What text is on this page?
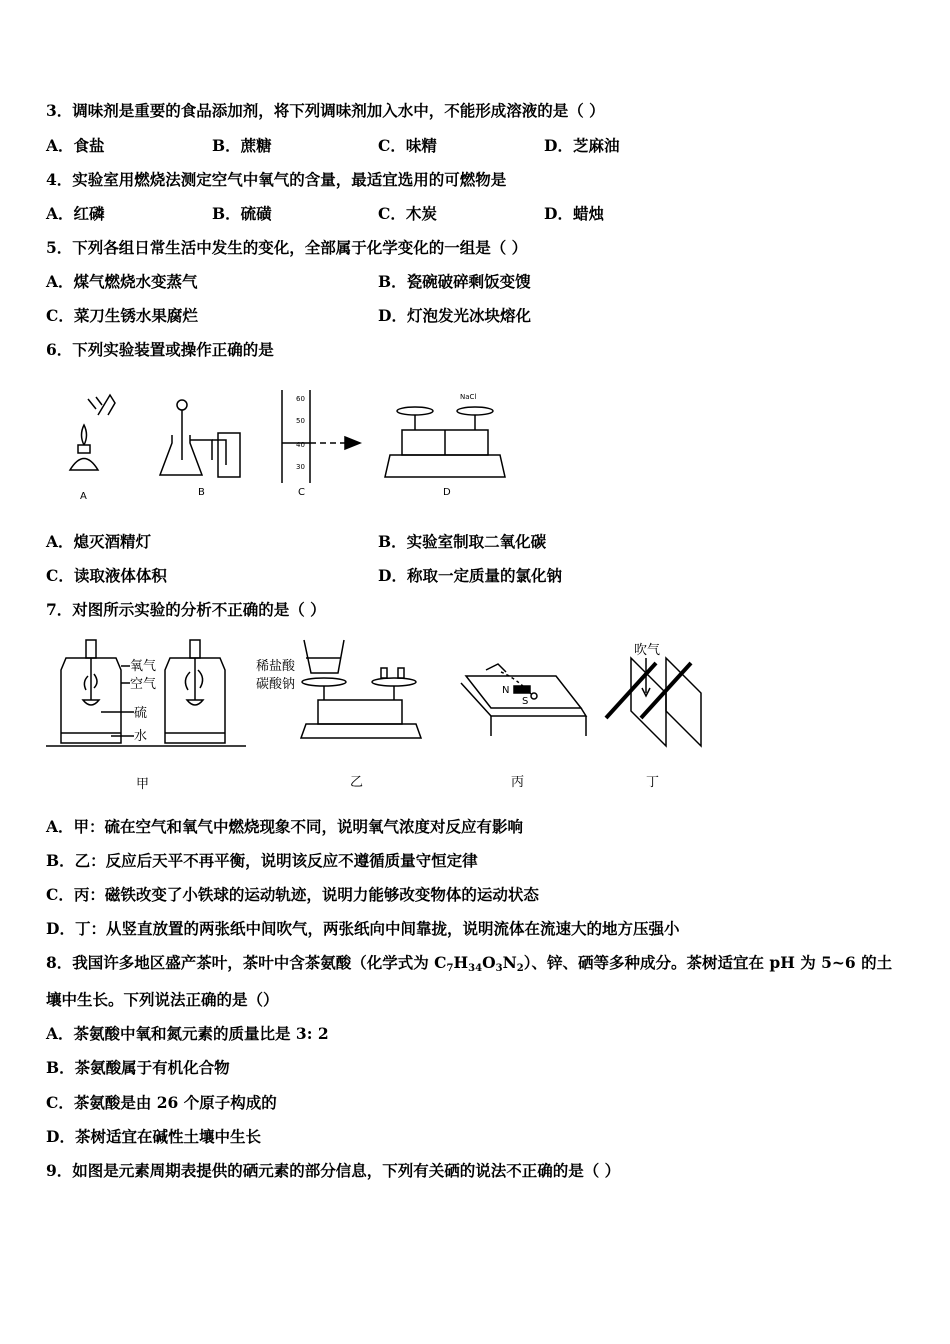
3．调味剂是重要的食品添加剂，将下列调味剂加入水中，不能形成溶液的是（ ）
A．食盐	B．蔗糖	C．味精	D．芝麻油
4．实验室用燃烧法测定空气中氧气的含量，最适宜选用的可燃物是
A．红磷	B．硫磺	C．木炭	D．蜡烛
5．下列各组日常生活中发生的变化，全部属于化学变化的一组是（ ）
A．煤气燃烧水变蒸气	B．瓷碗破碎剩饭变馊
C．菜刀生锈水果腐烂	D．灯泡发光冰块熔化
6．下列实验装置或操作正确的是
A	B
60
50
40
30
C
NaCl
D
A．熄灭酒精灯	B．实验室制取二氧化碳
C．读取液体体积	D．称取一定质量的氯化钠
7．对图所示实验的分析不正确的是（ ）
氧气
空气
硫
水
甲
稀盐酸
碳酸钠
乙
N
S
丙
吹气
丁
A．甲：硫在空气和氧气中燃烧现象不同，说明氧气浓度对反应有影响
B．乙：反应后天平不再平衡，说明该反应不遵循质量守恒定律
C．丙：磁铁改变了小铁球的运动轨迹，说明力能够改变物体的运动状态
D．丁：从竖直放置的两张纸中间吹气，两张纸向中间靠拢，说明流体在流速大的地方压强小
8．我国许多地区盛产茶叶，茶叶中含茶氨酸（化学式为 $C_7H_{34}O_3N_2$）、锌、硒等多种成分。茶树适宜在 pH 为 5~6 的土
壤中生长。下列说法正确的是（）
A．茶氨酸中氧和氮元素的质量比是 3: 2
B．茶氨酸属于有机化合物
C．茶氨酸是由 26 个原子构成的
D．茶树适宜在碱性土壤中生长
9．如图是元素周期表提供的硒元素的部分信息，下列有关硒的说法不正确的是（ ）
